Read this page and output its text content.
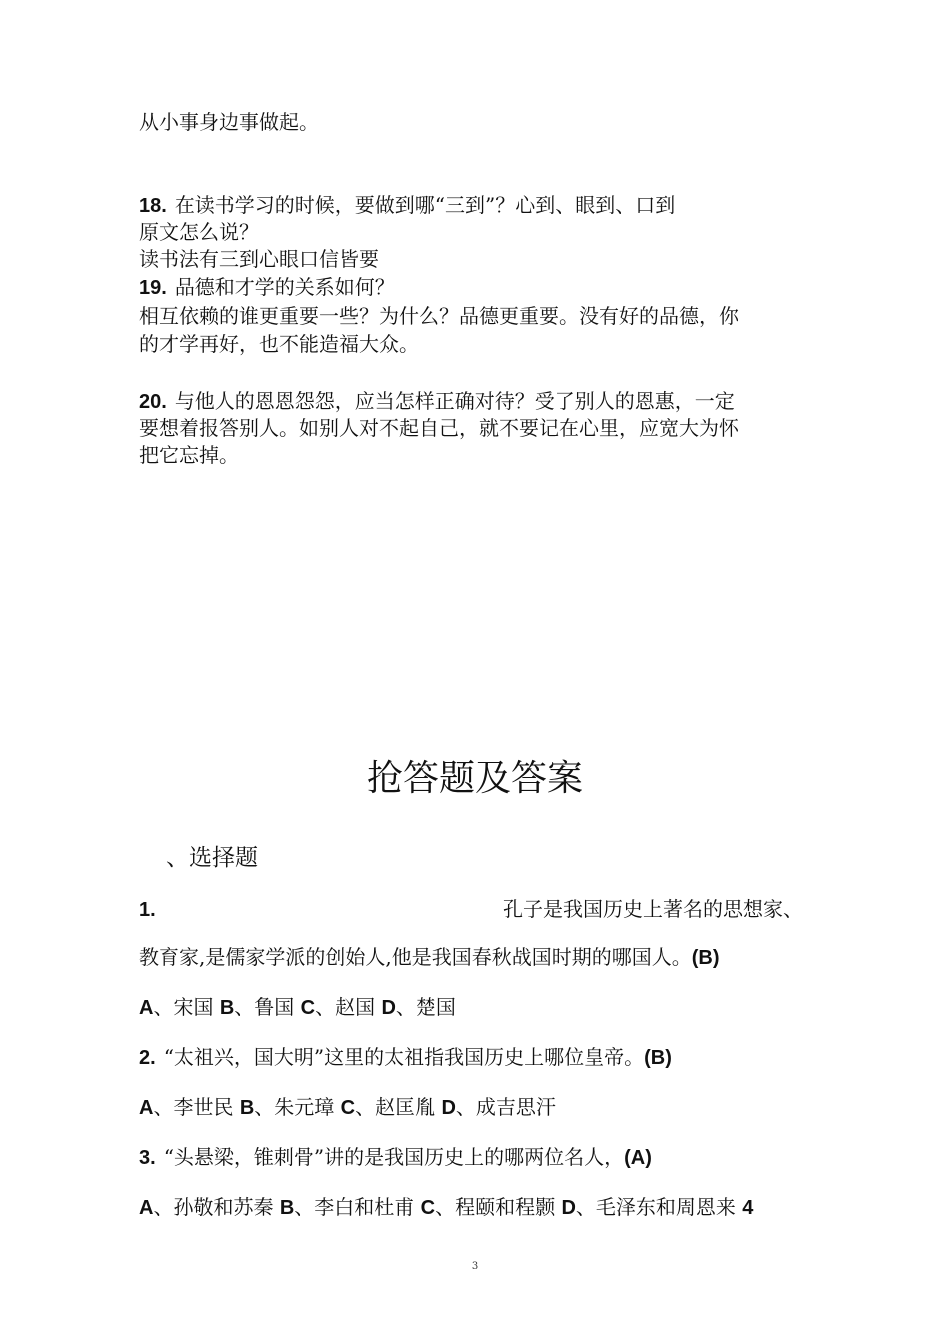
从小事身边事做起。
18. 在读书学习的时候，要做到哪“三到”？心到、眼到、口到
原文怎么说？
读书法有三到心眼口信皆要
19. 品德和才学的关系如何？
相互依赖的谁更重要一些？为什么？品德更重要。没有好的品德，你
的才学再好，也不能造福大众。
20. 与他人的恩恩怨怨，应当怎样正确对待？受了别人的恩惠，一定
要想着报答别人。如别人对不起自己，就不要记在心里，应宽大为怀
把它忘掉。
抢答题及答案
、选择题
1.	孔子是我国历史上著名的思想家、
教育家,是儒家学派的创始人,他是我国春秋战国时期的哪国人。(B)
A、宋国 B、鲁国 C、赵国 D、楚国
2. “太祖兴，国大明”这里的太祖指我国历史上哪位皇帝。(B)
A、李世民 B、朱元璋 C、赵匡胤 D、成吉思汗
3. “头悬梁，锥刺骨”讲的是我国历史上的哪两位名人，(A)
A、孙敬和苏秦 B、李白和杜甫 C、程颐和程颢 D、毛泽东和周恩来 4
3
